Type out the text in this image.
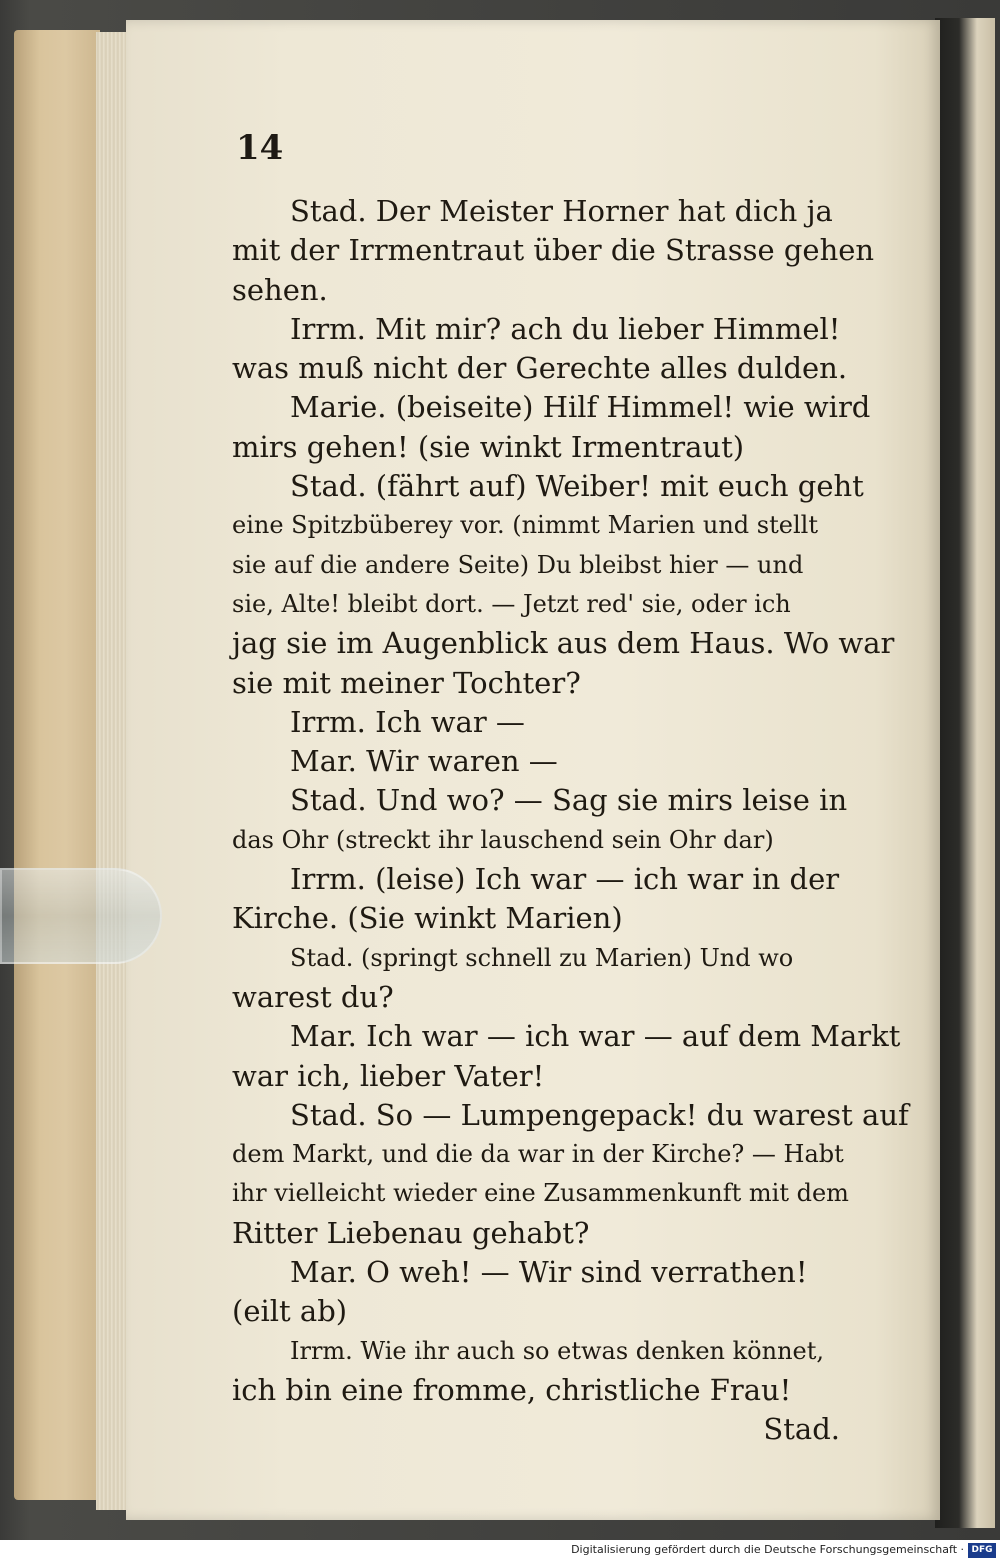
14
Stad. Der Meister Horner hat dich ja
mit der Irrmentraut über die Strasse gehen
sehen.
Irrm. Mit mir? ach du lieber Himmel!
was muß nicht der Gerechte alles dulden.
Marie. (beiseite) Hilf Himmel! wie wird
mirs gehen! (sie winkt Irmentraut)
Stad. (fährt auf) Weiber! mit euch geht
eine Spitzbüberey vor. (nimmt Marien und stellt
sie auf die andere Seite) Du bleibst hier — und
sie, Alte! bleibt dort. — Jetzt red' sie, oder ich
jag sie im Augenblick aus dem Haus. Wo war
sie mit meiner Tochter?
Irrm. Ich war —
Mar. Wir waren —
Stad. Und wo? — Sag sie mirs leise in
das Ohr (streckt ihr lauschend sein Ohr dar)
Irrm. (leise) Ich war — ich war in der
Kirche. (Sie winkt Marien)
Stad. (springt schnell zu Marien) Und wo
warest du?
Mar. Ich war — ich war — auf dem Markt
war ich, lieber Vater!
Stad. So — Lumpengepack! du warest auf
dem Markt, und die da war in der Kirche? — Habt
ihr vielleicht wieder eine Zusammenkunft mit dem
Ritter Liebenau gehabt?
Mar. O weh! — Wir sind verrathen!
(eilt ab)
Irrm. Wie ihr auch so etwas denken könnet,
ich bin eine fromme, christliche Frau!
Stad.
Digitalisierung gefördert durch die Deutsche Forschungsgemeinschaft · DFG
